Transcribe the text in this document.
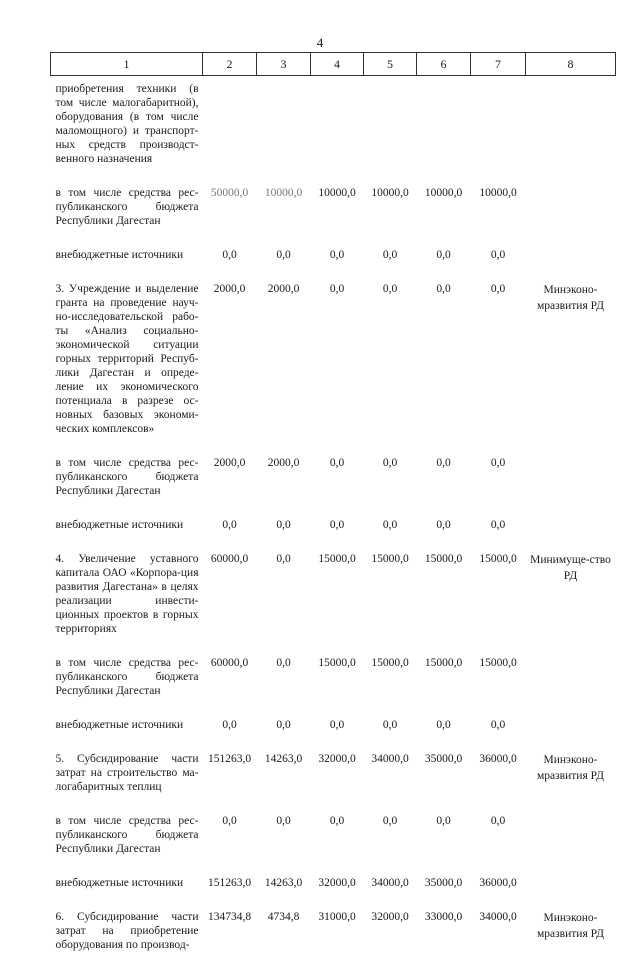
4
1	2	3	4	5	6	7	8
приобретения техники (в том числе малогабаритной), оборудования (в том числе маломощного) и транспорт-ных средств производст-венного назначения							
в том числе средства рес-публиканского бюджета Республики Дагестан	50000,0	10000,0	10000,0	10000,0	10000,0	10000,0	
внебюджетные источники	0,0	0,0	0,0	0,0	0,0	0,0	
3. Учреждение и выделение гранта на проведение науч-но-исследовательской рабо-ты «Анализ социально-экономической ситуации горных территорий Респуб-лики Дагестан и опреде-ление их экономического потенциала в разрезе ос-новных базовых экономи-ческих комплексов»	2000,0	2000,0	0,0	0,0	0,0	0,0	Минэконо-мразвития РД
в том числе средства рес-публиканского бюджета Республики Дагестан	2000,0	2000,0	0,0	0,0	0,0	0,0	
внебюджетные источники	0,0	0,0	0,0	0,0	0,0	0,0	
4. Увеличение уставного капитала ОАО «Корпора-ция развития Дагестана» в целях реализации инвести-ционных проектов в горных территориях	60000,0	0,0	15000,0	15000,0	15000,0	15000,0	Минимуще-ство РД
в том числе средства рес-публиканского бюджета Республики Дагестан	60000,0	0,0	15000,0	15000,0	15000,0	15000,0	
внебюджетные источники	0,0	0,0	0,0	0,0	0,0	0,0	
5. Субсидирование части затрат на строительство ма-логабаритных теплиц	151263,0	14263,0	32000,0	34000,0	35000,0	36000,0	Минэконо-мразвития РД
в том числе средства рес-публиканского бюджета Республики Дагестан	0,0	0,0	0,0	0,0	0,0	0,0	
внебюджетные источники	151263,0	14263,0	32000,0	34000,0	35000,0	36000,0	
6. Субсидирование части затрат на приобретение оборудования по производ-	134734,8	4734,8	31000,0	32000,0	33000,0	34000,0	Минэконо-мразвития РД
